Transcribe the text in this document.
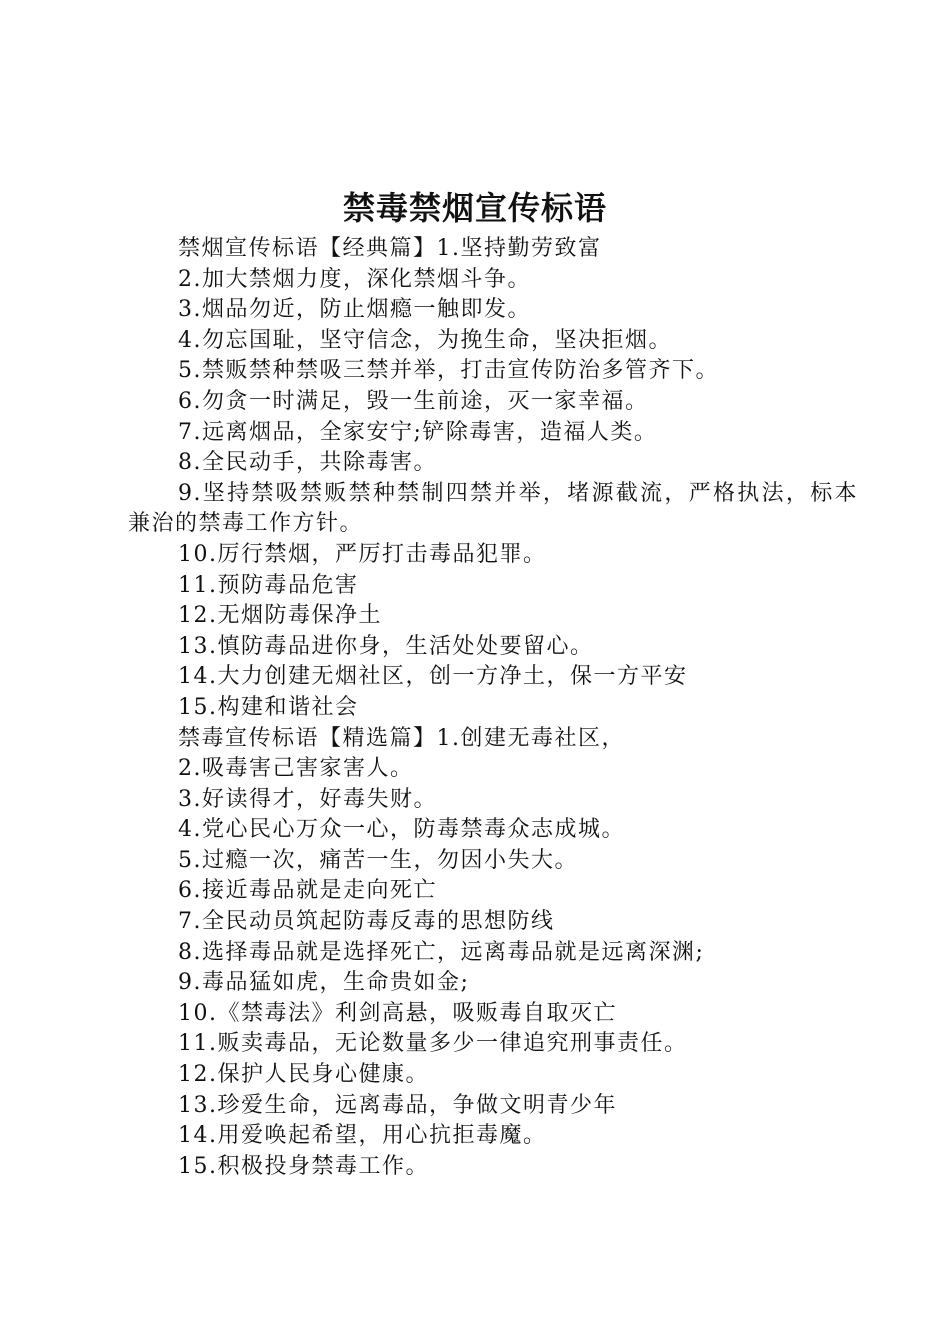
禁毒禁烟宣传标语
禁烟宣传标语【经典篇】1.坚持勤劳致富
2.加大禁烟力度，深化禁烟斗争。
3.烟品勿近，防止烟瘾一触即发。
4.勿忘国耻，坚守信念，为挽生命，坚决拒烟。
5.禁贩禁种禁吸三禁并举，打击宣传防治多管齐下。
6.勿贪一时满足，毁一生前途，灭一家幸福。
7.远离烟品，全家安宁;铲除毒害，造福人类。
8.全民动手，共除毒害。
9.坚持禁吸禁贩禁种禁制四禁并举，堵源截流，严格执法，标本兼治的禁毒工作方针。
10.厉行禁烟，严厉打击毒品犯罪。
11.预防毒品危害
12.无烟防毒保净土
13.慎防毒品进你身，生活处处要留心。
14.大力创建无烟社区，创一方净土，保一方平安
15.构建和谐社会
禁毒宣传标语【精选篇】1.创建无毒社区，
2.吸毒害己害家害人。
3.好读得才，好毒失财。
4.党心民心万众一心，防毒禁毒众志成城。
5.过瘾一次，痛苦一生，勿因小失大。
6.接近毒品就是走向死亡
7.全民动员筑起防毒反毒的思想防线
8.选择毒品就是选择死亡，远离毒品就是远离深渊;
9.毒品猛如虎，生命贵如金;
10.《禁毒法》利剑高悬，吸贩毒自取灭亡
11.贩卖毒品，无论数量多少一律追究刑事责任。
12.保护人民身心健康。
13.珍爱生命，远离毒品，争做文明青少年
14.用爱唤起希望，用心抗拒毒魔。
15.积极投身禁毒工作。
